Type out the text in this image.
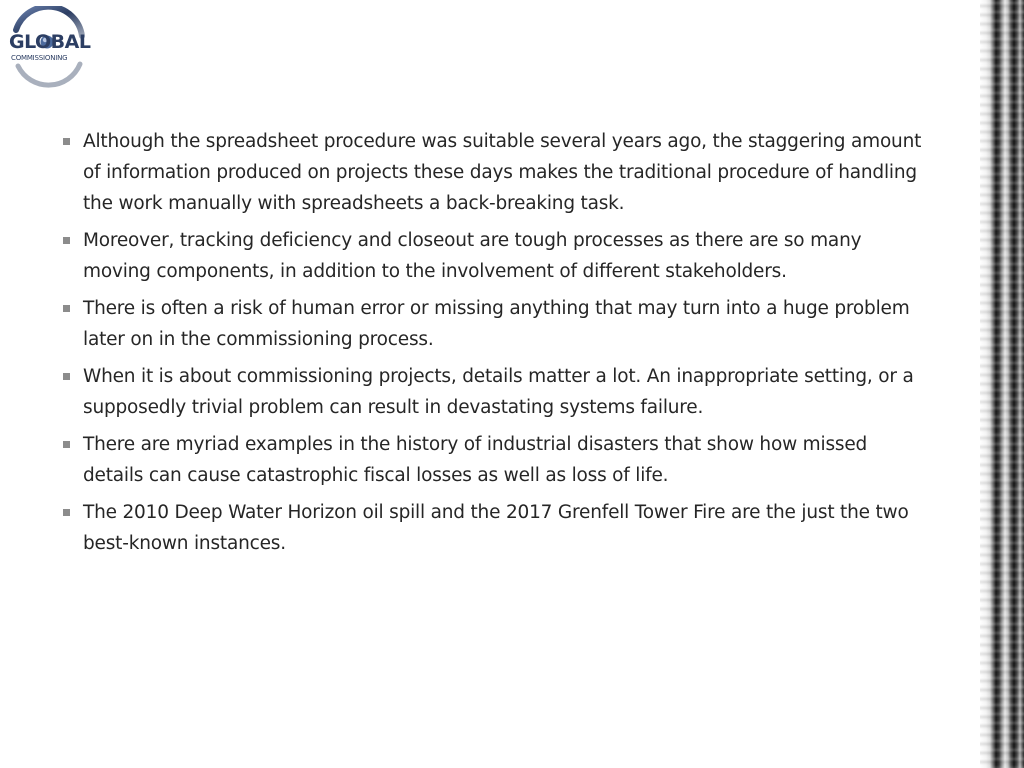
GLOBAL
COMMISSIONING
Although the spreadsheet procedure was suitable several years ago, the staggering amount of information produced on projects these days makes the traditional procedure of handling the work manually with spreadsheets a back-breaking task.
Moreover, tracking deficiency and closeout are tough processes as there are so many moving components, in addition to the involvement of different stakeholders.
There is often a risk of human error or missing anything that may turn into a huge problem later on in the commissioning process.
When it is about commissioning projects, details matter a lot. An inappropriate setting, or a supposedly trivial problem can result in devastating systems failure.
There are myriad examples in the history of industrial disasters that show how missed details can cause catastrophic fiscal losses as well as loss of life.
The 2010 Deep Water Horizon oil spill and the 2017 Grenfell Tower Fire are the just the two best-known instances.
